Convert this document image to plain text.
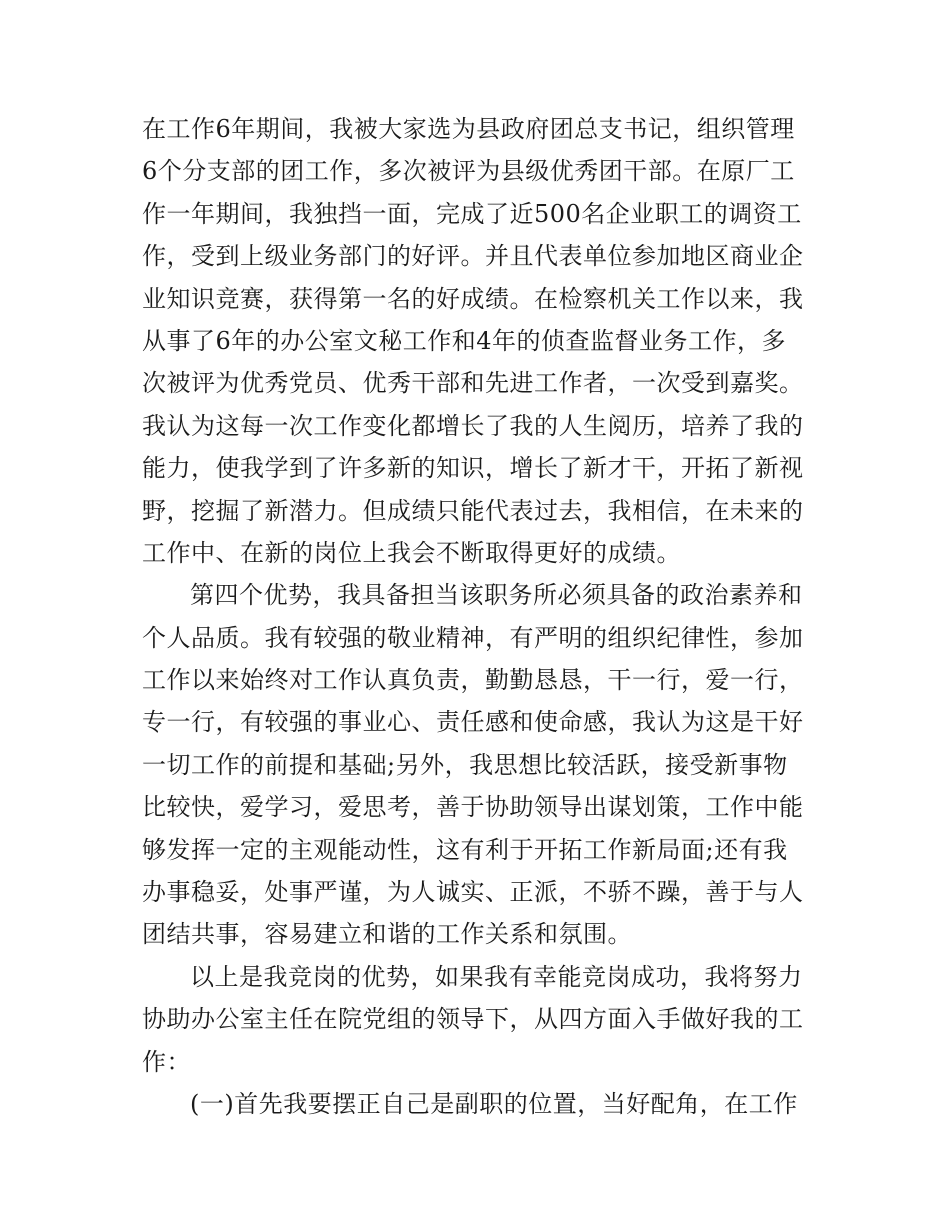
在工作6年期间，我被大家选为县政府团总支书记，组织管理
6个分支部的团工作，多次被评为县级优秀团干部。在原厂工
作一年期间，我独挡一面，完成了近500名企业职工的调资工
作，受到上级业务部门的好评。并且代表单位参加地区商业企
业知识竞赛，获得第一名的好成绩。在检察机关工作以来，我
从事了6年的办公室文秘工作和4年的侦查监督业务工作，多
次被评为优秀党员、优秀干部和先进工作者，一次受到嘉奖。
我认为这每一次工作变化都增长了我的人生阅历，培养了我的
能力，使我学到了许多新的知识，增长了新才干，开拓了新视
野，挖掘了新潜力。但成绩只能代表过去，我相信，在未来的
工作中、在新的岗位上我会不断取得更好的成绩。
第四个优势，我具备担当该职务所必须具备的政治素养和
个人品质。我有较强的敬业精神，有严明的组织纪律性，参加
工作以来始终对工作认真负责，勤勤恳恳，干一行，爱一行，
专一行，有较强的事业心、责任感和使命感，我认为这是干好
一切工作的前提和基础;另外，我思想比较活跃，接受新事物
比较快，爱学习，爱思考，善于协助领导出谋划策，工作中能
够发挥一定的主观能动性，这有利于开拓工作新局面;还有我
办事稳妥，处事严谨，为人诚实、正派，不骄不躁，善于与人
团结共事，容易建立和谐的工作关系和氛围。
以上是我竞岗的优势，如果我有幸能竞岗成功，我将努力
协助办公室主任在院党组的领导下，从四方面入手做好我的工
作：
(一)首先我要摆正自己是副职的位置，当好配角，在工作
